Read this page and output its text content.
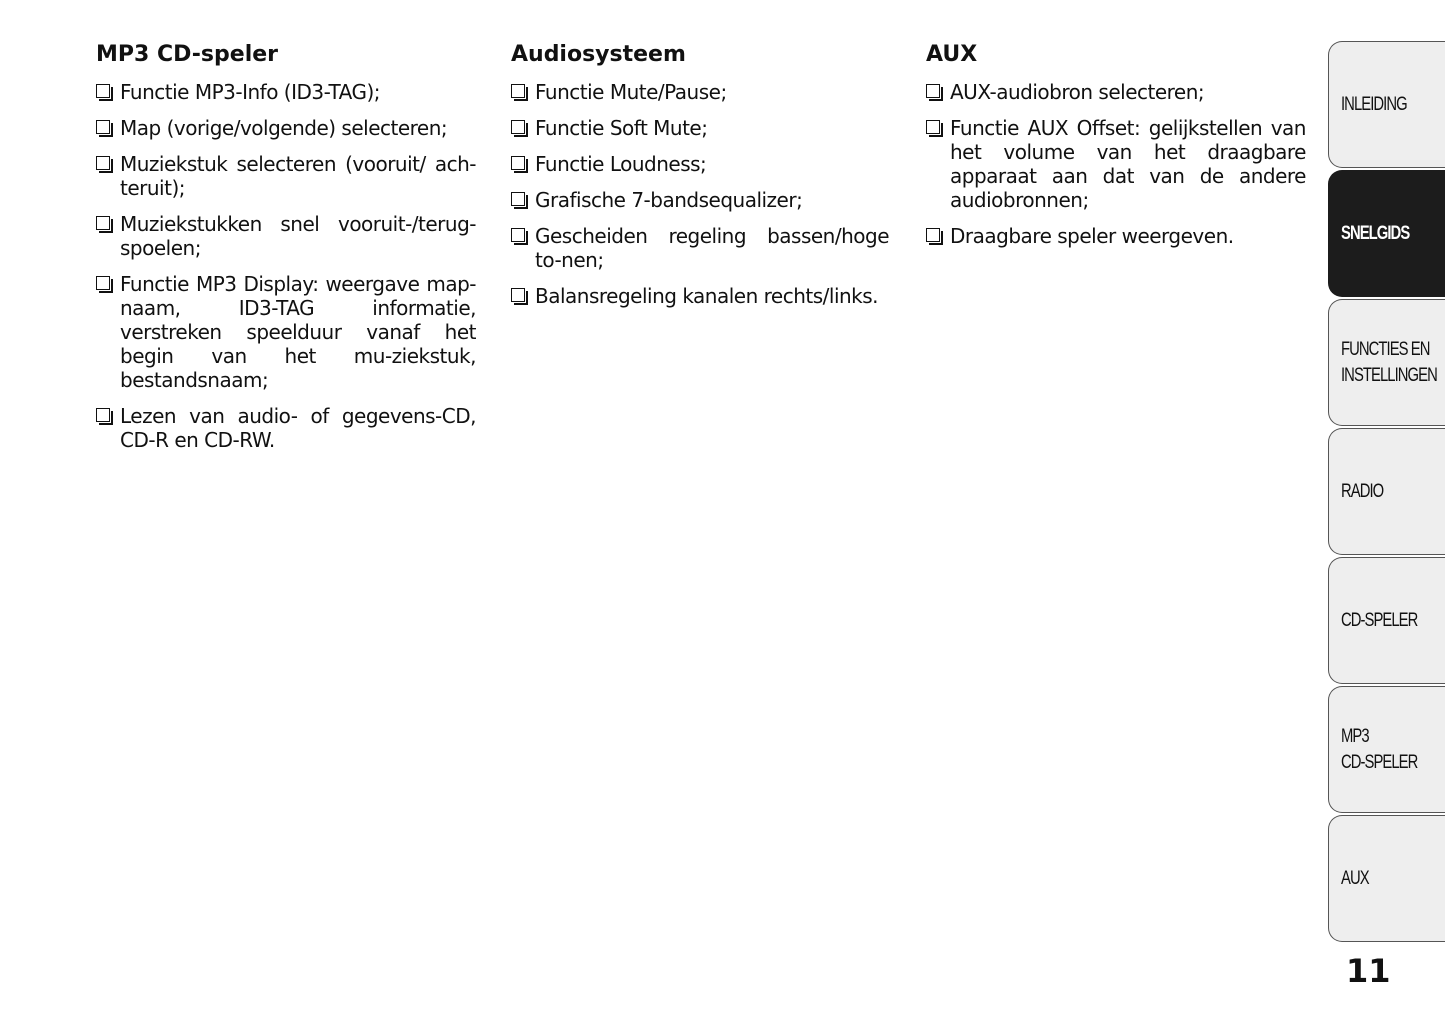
MP3 CD-speler
Functie MP3-Info (ID3-TAG);
Map (vorige/volgende) selecteren;
Muziekstuk selecteren (vooruit/ ach-teruit);
Muziekstukken snel vooruit-/terug-spoelen;
Functie MP3 Display: weergave map-naam, ID3-TAG informatie, verstreken speelduur vanaf het begin van het mu-ziekstuk, bestandsnaam;
Lezen van audio- of gegevens-CD, CD-R en CD-RW.
Audiosysteem
Functie Mute/Pause;
Functie Soft Mute;
Functie Loudness;
Grafische 7-bandsequalizer;
Gescheiden regeling bassen/hoge to-nen;
Balansregeling kanalen rechts/links.
AUX
AUX-audiobron selecteren;
Functie AUX Offset: gelijkstellen van het volume van het draagbare apparaat aan dat van de andere audiobronnen;
Draagbare speler weergeven.
INLEIDING
SNELGIDS
FUNCTIES EN
INSTELLINGEN
RADIO
CD-SPELER
MP3
CD-SPELER
AUX
11
